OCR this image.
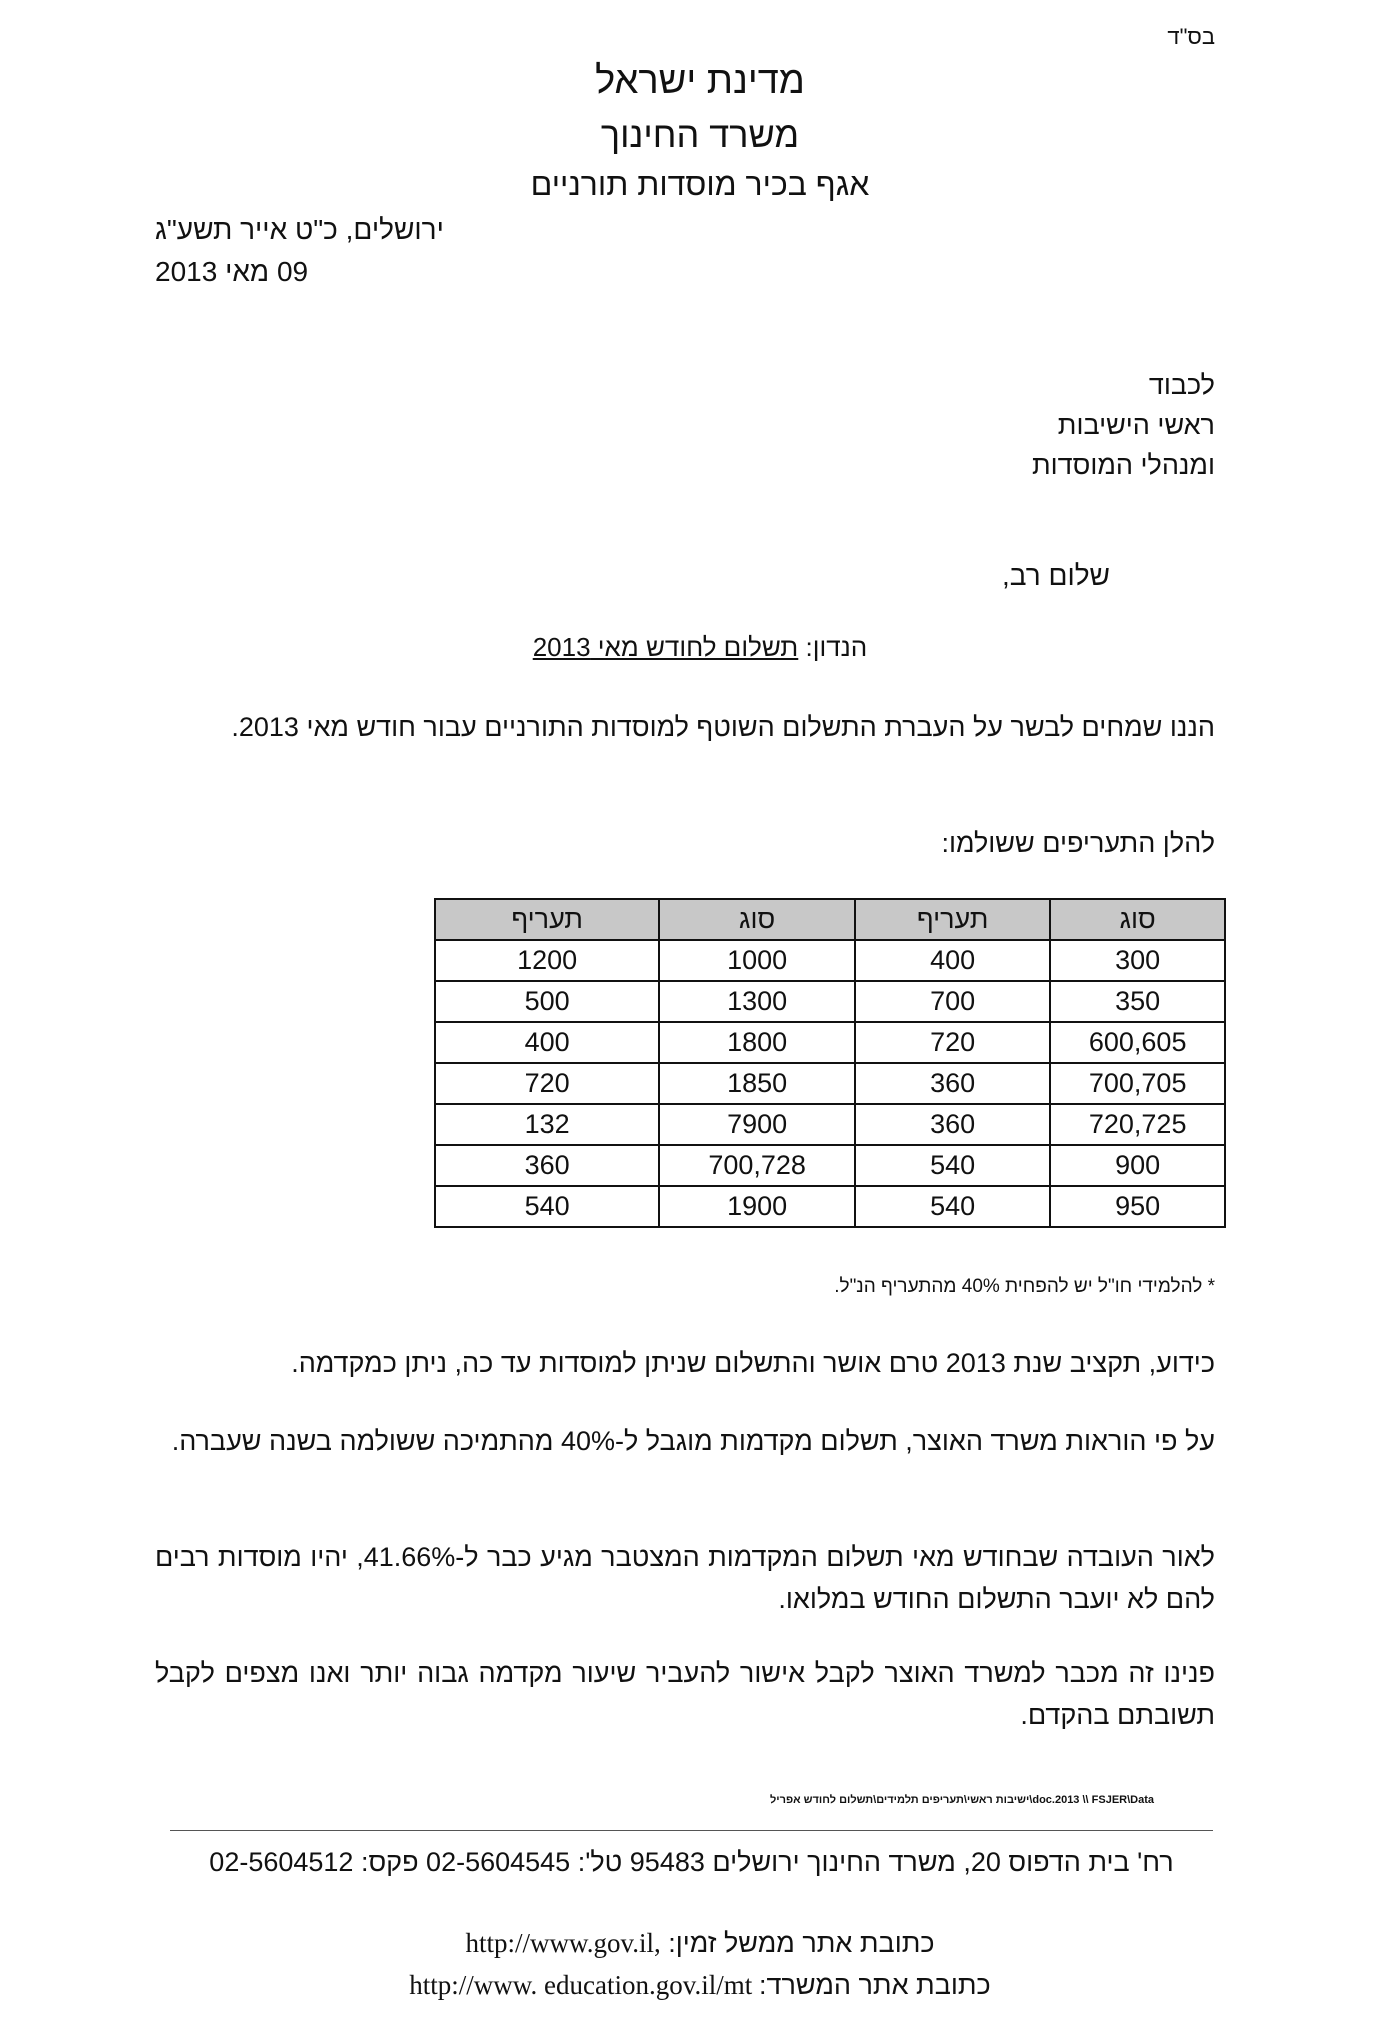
בס"ד
מדינת ישראל
משרד החינוך
אגף בכיר מוסדות תורניים
ירושלים, כ"ט אייר תשע"ג
09 מאי 2013
לכבוד
ראשי הישיבות
ומנהלי המוסדות
שלום רב,
הנדון: תשלום לחודש מאי 2013
הננו שמחים לבשר על העברת התשלום השוטף למוסדות התורניים עבור חודש מאי 2013.
להלן התעריפים ששולמו:
סוג	תעריף	סוג	תעריף
300	400	1000	1200
350	700	1300	500
600,605	720	1800	400
700,705	360	1850	720
720,725	360	7900	132
900	540	700,728	360
950	540	1900	540
* להלמידי חו"ל יש להפחית 40% מהתעריף הנ"ל.
כידוע, תקציב שנת 2013 טרם אושר והתשלום שניתן למוסדות עד כה, ניתן כמקדמה.
על פי הוראות משרד האוצר, תשלום מקדמות מוגבל ל-40% מהתמיכה ששולמה בשנה שעברה.
לאור העובדה שבחודש מאי תשלום המקדמות המצטבר מגיע כבר ל-41.66%, יהיו מוסדות רבים להם לא יועבר התשלום החודש במלואו.
פנינו זה מכבר למשרד האוצר לקבל אישור להעביר שיעור מקדמה גבוה יותר ואנו מצפים לקבל תשובתם בהקדם.
doc.2013 \\ FSJER\Data\ישיבות ראשי\תעריפים תלמידים\תשלום לחודש אפריל
רח' בית הדפוס 20, משרד החינוך ירושלים 95483 טל': 02-5604545 פקס: 02-5604512
כתובת אתר ממשל זמין: http://www.gov.il,
כתובת אתר המשרד: http://www. education.gov.il/mt
